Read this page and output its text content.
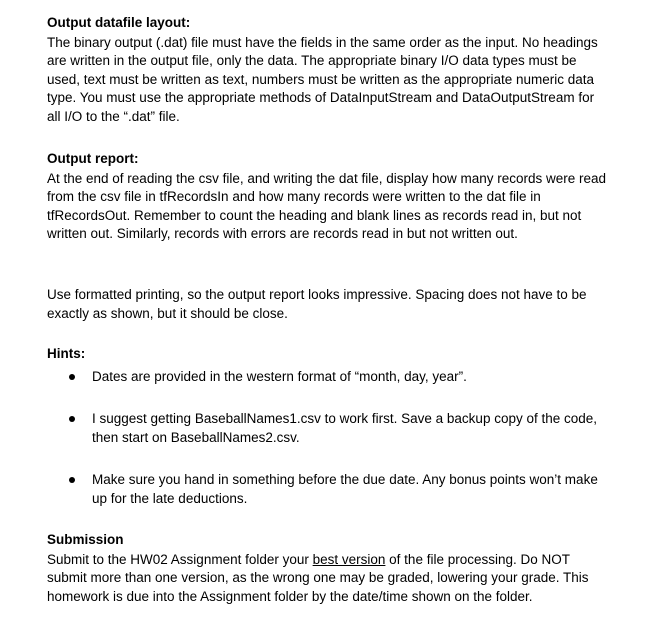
Output datafile layout:

The binary output (.dat) file must have the fields in the same order as the input. No headings are written in the output file, only the data. The appropriate binary I/O data types must be used, text must be written as text, numbers must be written as the appropriate numeric data type. You must use the appropriate methods of DataInputStream and DataOutputStream for all I/O to the “.dat” file.

Output report:

At the end of reading the csv file, and writing the dat file, display how many records were read from the csv file in tfRecordsIn and how many records were written to the dat file in tfRecordsOut. Remember to count the heading and blank lines as records read in, but not written out. Similarly, records with errors are records read in but not written out.

Use formatted printing, so the output report looks impressive. Spacing does not have to be exactly as shown, but it should be close.

Hints:
Dates are provided in the western format of “month, day, year”.
I suggest getting BaseballNames1.csv to work first. Save a backup copy of the code, then start on BaseballNames2.csv.
Make sure you hand in something before the due date. Any bonus points won’t make up for the late deductions.
Submission

Submit to the HW02 Assignment folder your best version of the file processing. Do NOT submit more than one version, as the wrong one may be graded, lowering your grade. This homework is due into the Assignment folder by the date/time shown on the folder.
